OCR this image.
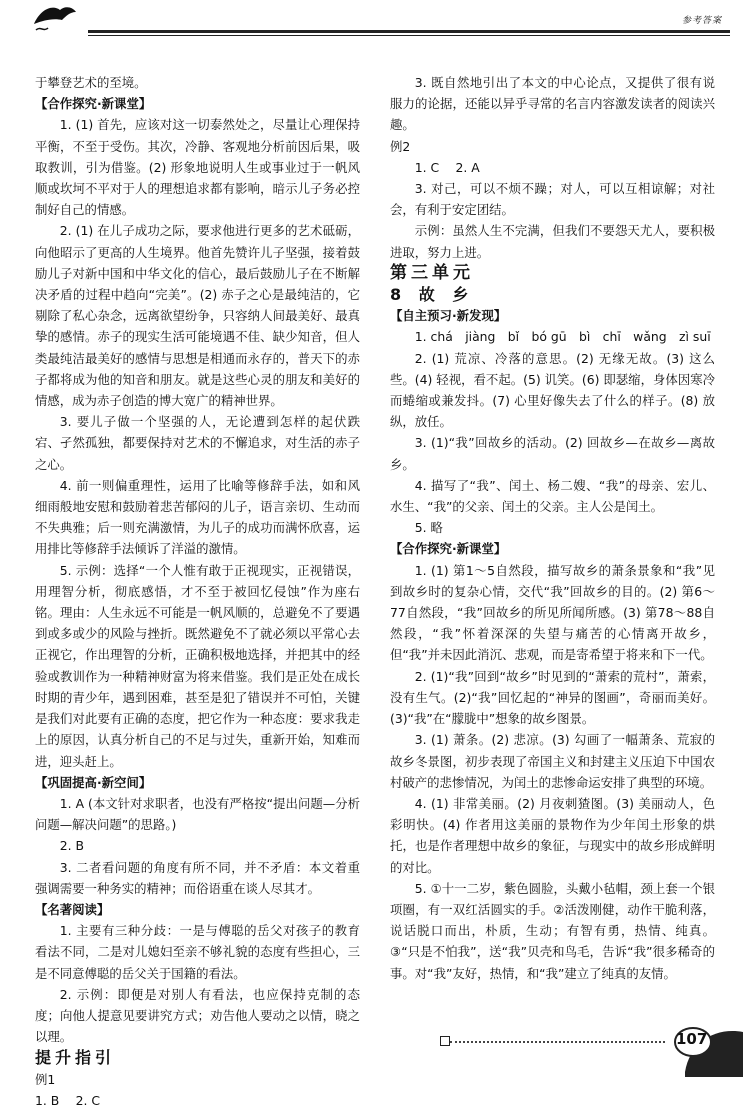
参考答案

于攀登艺术的至境。

【合作探究·新课堂】

1. (1) 首先，应该对这一切泰然处之，尽量让心理保持平衡，不至于受伤。其次，冷静、客观地分析前因后果，吸取教训，引为借鉴。(2) 形象地说明人生或事业过于一帆风顺或坎坷不平对于人的理想追求都有影响，暗示儿子务必控制好自己的情感。

2. (1) 在儿子成功之际，要求他进行更多的艺术砥砺，向他昭示了更高的人生境界。他首先赞许儿子坚强，接着鼓励儿子对新中国和中华文化的信心，最后鼓励儿子在不断解决矛盾的过程中趋向“完美”。(2) 赤子之心是最纯洁的，它剔除了私心杂念，远离欲望纷争，只容纳人间最美好、最真挚的感情。赤子的现实生活可能境遇不佳、缺少知音，但人类最纯洁最美好的感情与思想是相通而永存的，普天下的赤子都将成为他的知音和朋友。就是这些心灵的朋友和美好的情感，成为赤子创造的博大宽广的精神世界。

3. 要儿子做一个坚强的人，无论遭到怎样的起伏跌宕、孑然孤独，都要保持对艺术的不懈追求，对生活的赤子之心。

4. 前一则偏重理性，运用了比喻等修辞手法，如和风细雨般地安慰和鼓励着悲苦郁闷的儿子，语言亲切、生动而不失典雅；后一则充满激情，为儿子的成功而满怀欣喜，运用排比等修辞手法倾诉了洋溢的激情。

5. 示例：选择“一个人惟有敢于正视现实，正视错误，用理智分析，彻底感悟，才不至于被回忆侵蚀”作为座右铭。理由：人生永远不可能是一帆风顺的，总避免不了要遇到或多或少的风险与挫折。既然避免不了就必须以平常心去正视它，作出理智的分析，正确积极地选择，并把其中的经验或教训作为一种精神财富为将来借鉴。我们是正处在成长时期的青少年，遇到困难，甚至是犯了错误并不可怕，关键是我们对此要有正确的态度，把它作为一种态度：要求我走上的原因，认真分析自己的不足与过失，重新开始，知难而进，迎头赶上。

【巩固提高·新空间】

1. A (本文针对求职者，也没有严格按“提出问题—分析问题—解决问题”的思路。)

2. B

3. 二者看问题的角度有所不同，并不矛盾：本文着重强调需要一种务实的精神；而俗语重在谈人尽其才。

【名著阅读】

1. 主要有三种分歧：一是与傅聪的岳父对孩子的教育看法不同，二是对儿媳妇至亲不够礼貌的态度有些担心，三是不同意傅聪的岳父关于国籍的看法。

2. 示例：即便是对别人有看法，也应保持克制的态度；向他人提意见要讲究方式；劝告他人要动之以情，晓之以理。

提升指引

例1

1. B　 2. C

3. 既自然地引出了本文的中心论点，又提供了很有说服力的论据，还能以异乎寻常的名言内容激发读者的阅读兴趣。

例2

1. C　 2. A

3. 对己，可以不烦不躁；对人，可以互相谅解；对社会，有利于安定团结。

示例：虽然人生不完满，但我们不要怨天尤人，要积极进取，努力上进。

第三单元

8 故 乡

【自主预习·新发现】

1. chá　jiàng　bǐ　bó gū　bì　chī　wǎng　zì suī

2. (1) 荒凉、冷落的意思。(2) 无缘无故。(3) 这么些。(4) 轻视，看不起。(5) 讥笑。(6) 即瑟缩，身体因寒冷而蜷缩或兼发抖。(7) 心里好像失去了什么的样子。(8) 放纵，放任。

3. (1)“我”回故乡的活动。(2) 回故乡—在故乡—离故乡。

4. 描写了“我”、闰土、杨二嫂、“我”的母亲、宏儿、水生、“我”的父亲、闰土的父亲。主人公是闰土。

5. 略

【合作探究·新课堂】

1. (1) 第1～5自然段，描写故乡的萧条景象和“我”见到故乡时的复杂心情，交代“我”回故乡的目的。(2) 第6～77自然段，“我”回故乡的所见所闻所感。(3) 第78～88自然段，“我”怀着深深的失望与痛苦的心情离开故乡，但“我”并未因此消沉、悲观，而是寄希望于将来和下一代。

2. (1)“我”回到“故乡”时见到的“萧索的荒村”，萧索，没有生气。(2)“我”回忆起的“神异的图画”，奇丽而美好。(3)“我”在“朦胧中”想象的故乡图景。

3. (1) 萧条。(2) 悲凉。(3) 勾画了一幅萧条、荒寂的故乡冬景图，初步表现了帝国主义和封建主义压迫下中国农村破产的悲惨情况，为闰土的悲惨命运安排了典型的环境。

4. (1) 非常美丽。(2) 月夜刺猹图。(3) 美丽动人，色彩明快。(4) 作者用这美丽的景物作为少年闰土形象的烘托，也是作者理想中故乡的象征，与现实中的故乡形成鲜明的对比。

5. ①十一二岁，紫色圆脸，头戴小毡帽，颈上套一个银项圈，有一双红活圆实的手。②活泼刚健，动作干脆利落，说话脱口而出，朴质，生动；有智有勇，热情、纯真。③“只是不怕我”，送“我”贝壳和鸟毛，告诉“我”很多稀奇的事。对“我”友好，热情，和“我”建立了纯真的友情。

107
